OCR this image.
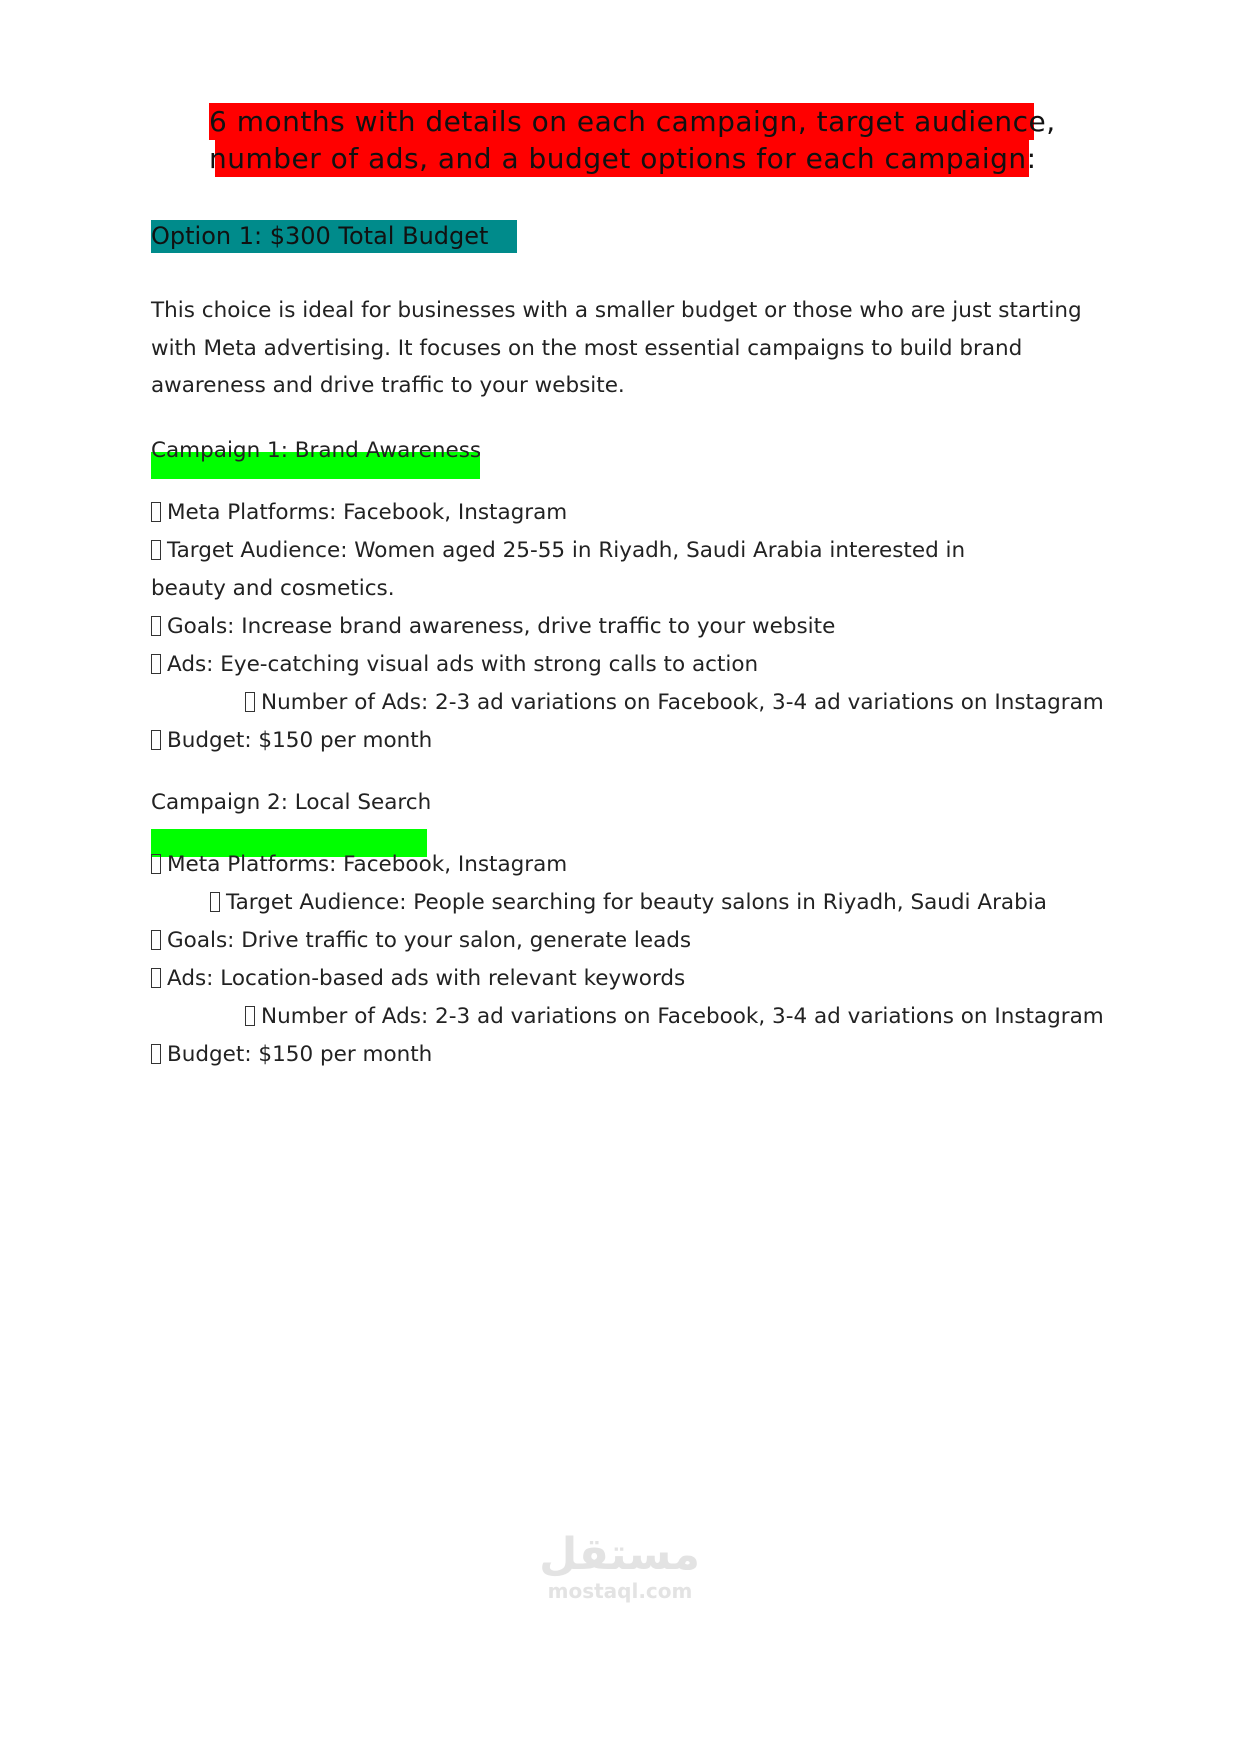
6 months with details on each campaign, target audience,
number of ads, and a budget options for each campaign:
Option 1: $300 Total Budget
This choice is ideal for businesses with a smaller budget or those who are just starting
with Meta advertising. It focuses on the most essential campaigns to build brand
awareness and drive traffic to your website.
Campaign 1: Brand Awareness
Meta Platforms: Facebook, Instagram
Target Audience: Women aged 25-55 in Riyadh, Saudi Arabia interested in
beauty and cosmetics.
Goals: Increase brand awareness, drive traffic to your website
Ads: Eye-catching visual ads with strong calls to action
Number of Ads: 2-3 ad variations on Facebook, 3-4 ad variations on Instagram
Budget: $150 per month
Campaign 2: Local Search
Meta Platforms: Facebook, Instagram
Target Audience: People searching for beauty salons in Riyadh, Saudi Arabia
Goals: Drive traffic to your salon, generate leads
Ads: Location-based ads with relevant keywords
Number of Ads: 2-3 ad variations on Facebook, 3-4 ad variations on Instagram
Budget: $150 per month
مستقل
mostaql.com
